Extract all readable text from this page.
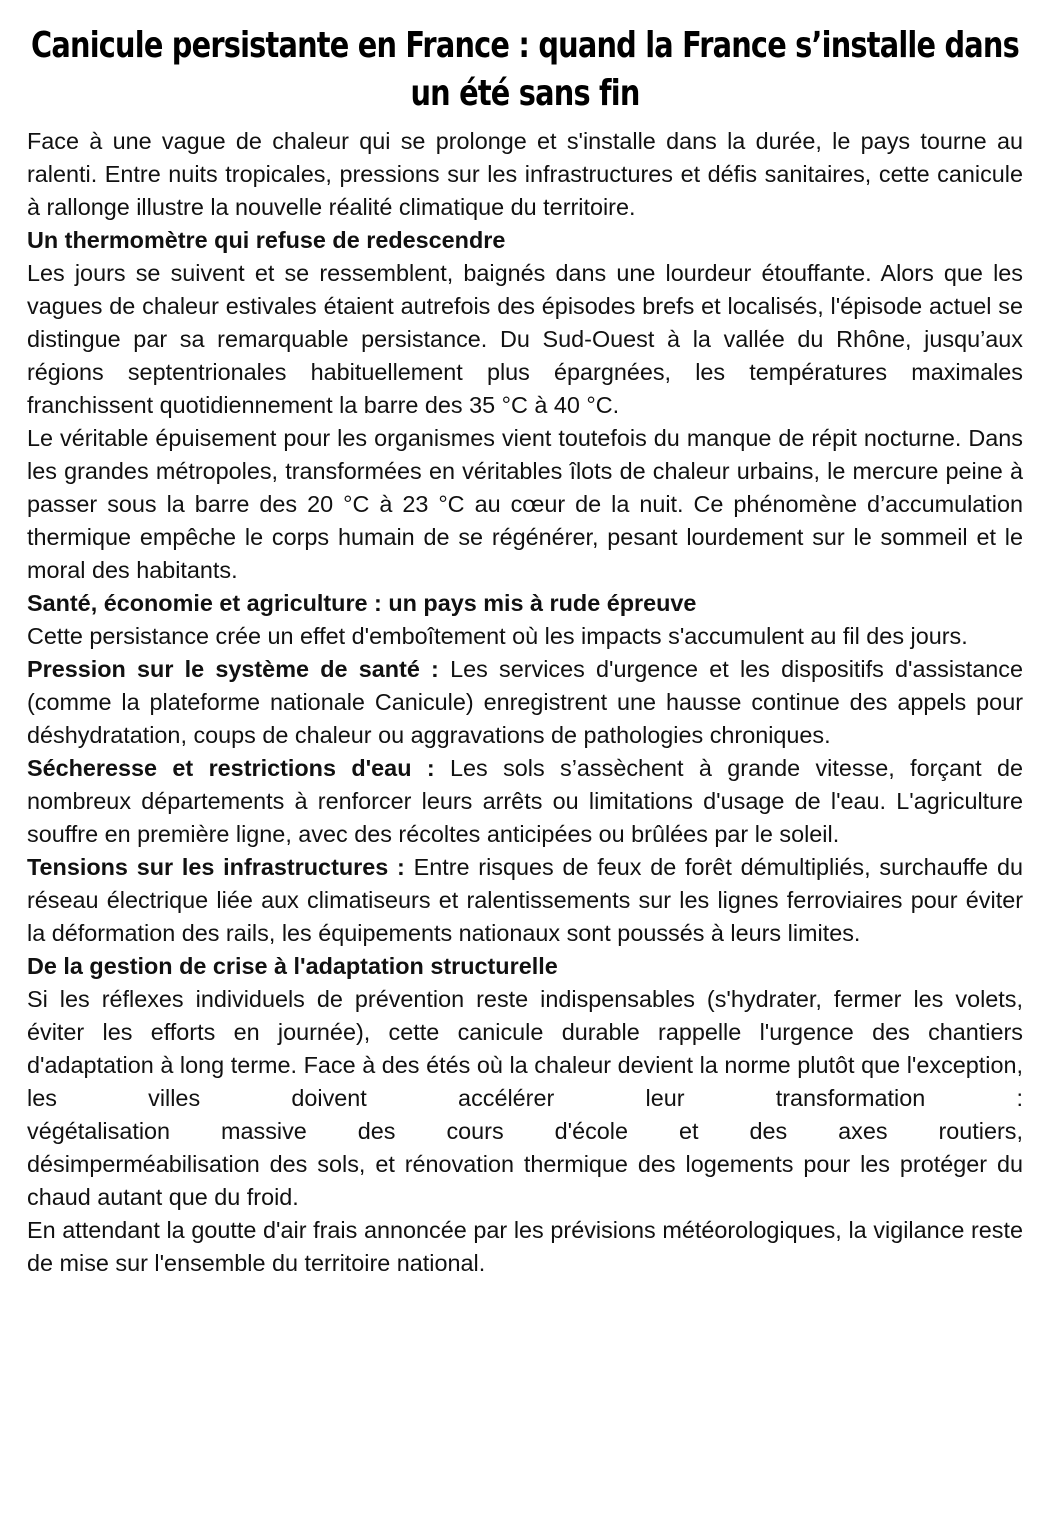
Canicule persistante en France : quand la France s’installe dans un été sans fin

Face à une vague de chaleur qui se prolonge et s'installe dans la durée, le pays tourne au ralenti. Entre nuits tropicales, pressions sur les infrastructures et défis sanitaires, cette canicule à rallonge illustre la nouvelle réalité climatique du territoire.

Un thermomètre qui refuse de redescendre

Les jours se suivent et se ressemblent, baignés dans une lourdeur étouffante. Alors que les vagues de chaleur estivales étaient autrefois des épisodes brefs et localisés, l'épisode actuel se distingue par sa remarquable persistance. Du Sud-Ouest à la vallée du Rhône, jusqu’aux régions septentrionales habituellement plus épargnées, les températures maximales franchissent quotidiennement la barre des 35 °C à 40 °C.

Le véritable épuisement pour les organismes vient toutefois du manque de répit nocturne. Dans les grandes métropoles, transformées en véritables îlots de chaleur urbains, le mercure peine à passer sous la barre des 20 °C à 23 °C au cœur de la nuit. Ce phénomène d’accumulation thermique empêche le corps humain de se régénérer, pesant lourdement sur le sommeil et le moral des habitants.

Santé, économie et agriculture : un pays mis à rude épreuve

Cette persistance crée un effet d'emboîtement où les impacts s'accumulent au fil des jours.

Pression sur le système de santé : Les services d'urgence et les dispositifs d'assistance (comme la plateforme nationale Canicule) enregistrent une hausse continue des appels pour déshydratation, coups de chaleur ou aggravations de pathologies chroniques.

Sécheresse et restrictions d'eau : Les sols s’assèchent à grande vitesse, forçant de nombreux départements à renforcer leurs arrêts ou limitations d'usage de l'eau. L'agriculture souffre en première ligne, avec des récoltes anticipées ou brûlées par le soleil.

Tensions sur les infrastructures : Entre risques de feux de forêt démultipliés, surchauffe du réseau électrique liée aux climatiseurs et ralentissements sur les lignes ferroviaires pour éviter la déformation des rails, les équipements nationaux sont poussés à leurs limites.

De la gestion de crise à l'adaptation structurelle

Si les réflexes individuels de prévention reste indispensables (s'hydrater, fermer les volets, éviter les efforts en journée), cette canicule durable rappelle l'urgence des chantiers d'adaptation à long terme. Face à des étés où la chaleur devient la norme plutôt que l'exception, les villes doivent accélérer leur transformation :

végétalisation massive des cours d'école et des axes routiers,

désimperméabilisation des sols, et rénovation thermique des logements pour les protéger du chaud autant que du froid.

En attendant la goutte d'air frais annoncée par les prévisions météorologiques, la vigilance reste de mise sur l'ensemble du territoire national.
